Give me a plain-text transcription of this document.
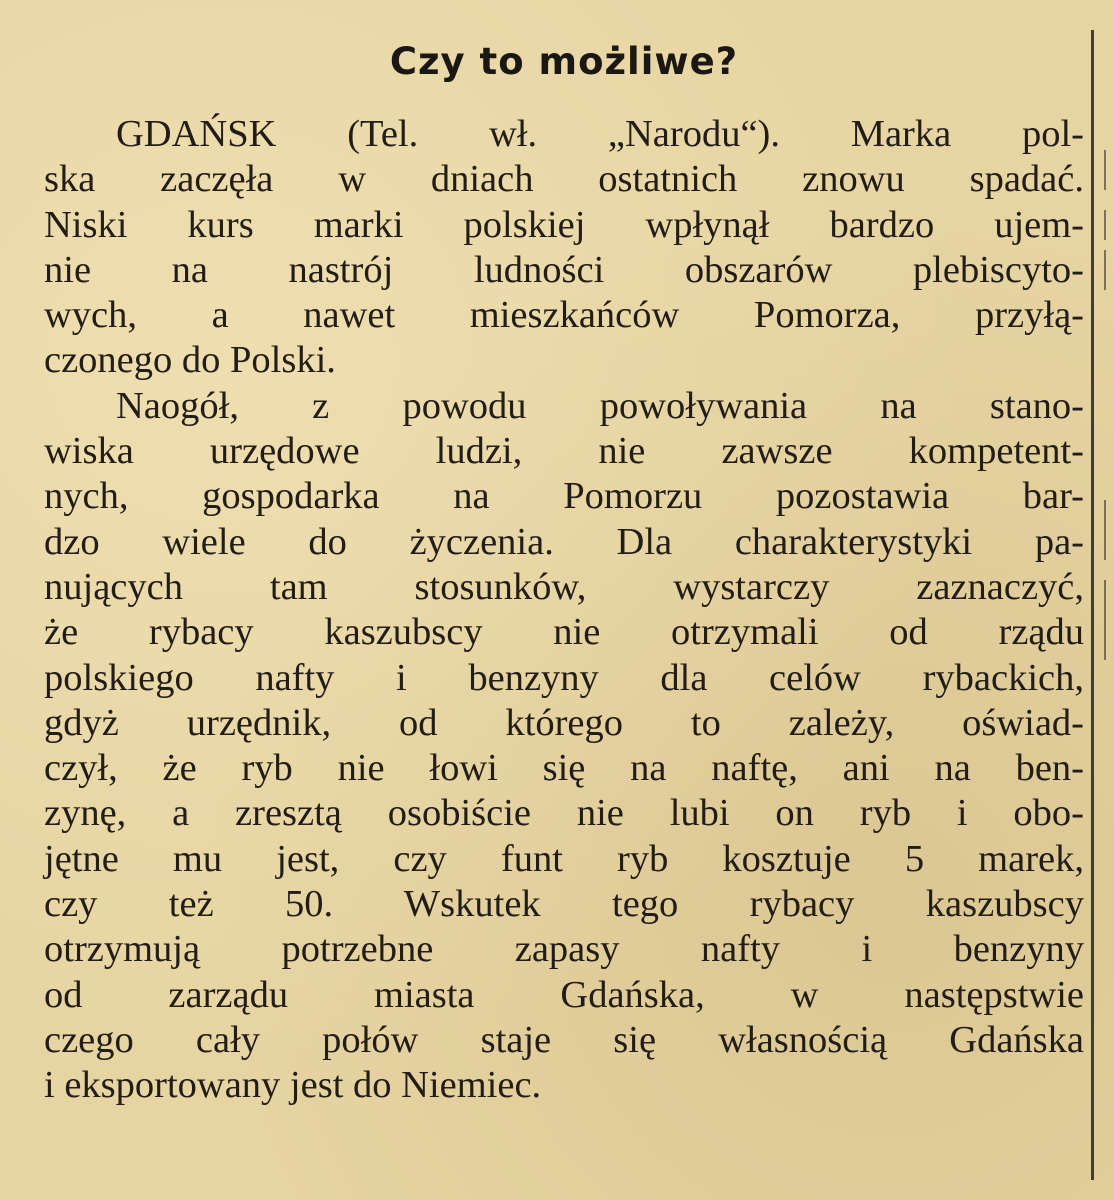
Czy to możliwe?
GDAŃSK (Tel. wł. „Narodu“). Marka pol-
ska zaczęła w dniach ostatnich znowu spadać.
Niski kurs marki polskiej wpłynął bardzo ujem-
nie na nastrój ludności obszarów plebiscyto-
wych, a nawet mieszkańców Pomorza, przyłą-
czonego do Polski.
Naogół, z powodu powoływania na stano-
wiska urzędowe ludzi, nie zawsze kompetent-
nych, gospodarka na Pomorzu pozostawia bar-
dzo wiele do życzenia. Dla charakterystyki pa-
nujących tam stosunków, wystarczy zaznaczyć,
że rybacy kaszubscy nie otrzymali od rządu
polskiego nafty i benzyny dla celów rybackich,
gdyż urzędnik, od którego to zależy, oświad-
czył, że ryb nie łowi się na naftę, ani na ben-
zynę, a zresztą osobiście nie lubi on ryb i obo-
jętne mu jest, czy funt ryb kosztuje 5 marek,
czy też 50. Wskutek tego rybacy kaszubscy
otrzymują potrzebne zapasy nafty i benzyny
od zarządu miasta Gdańska, w następstwie
czego cały połów staje się własnością Gdańska
i eksportowany jest do Niemiec.
